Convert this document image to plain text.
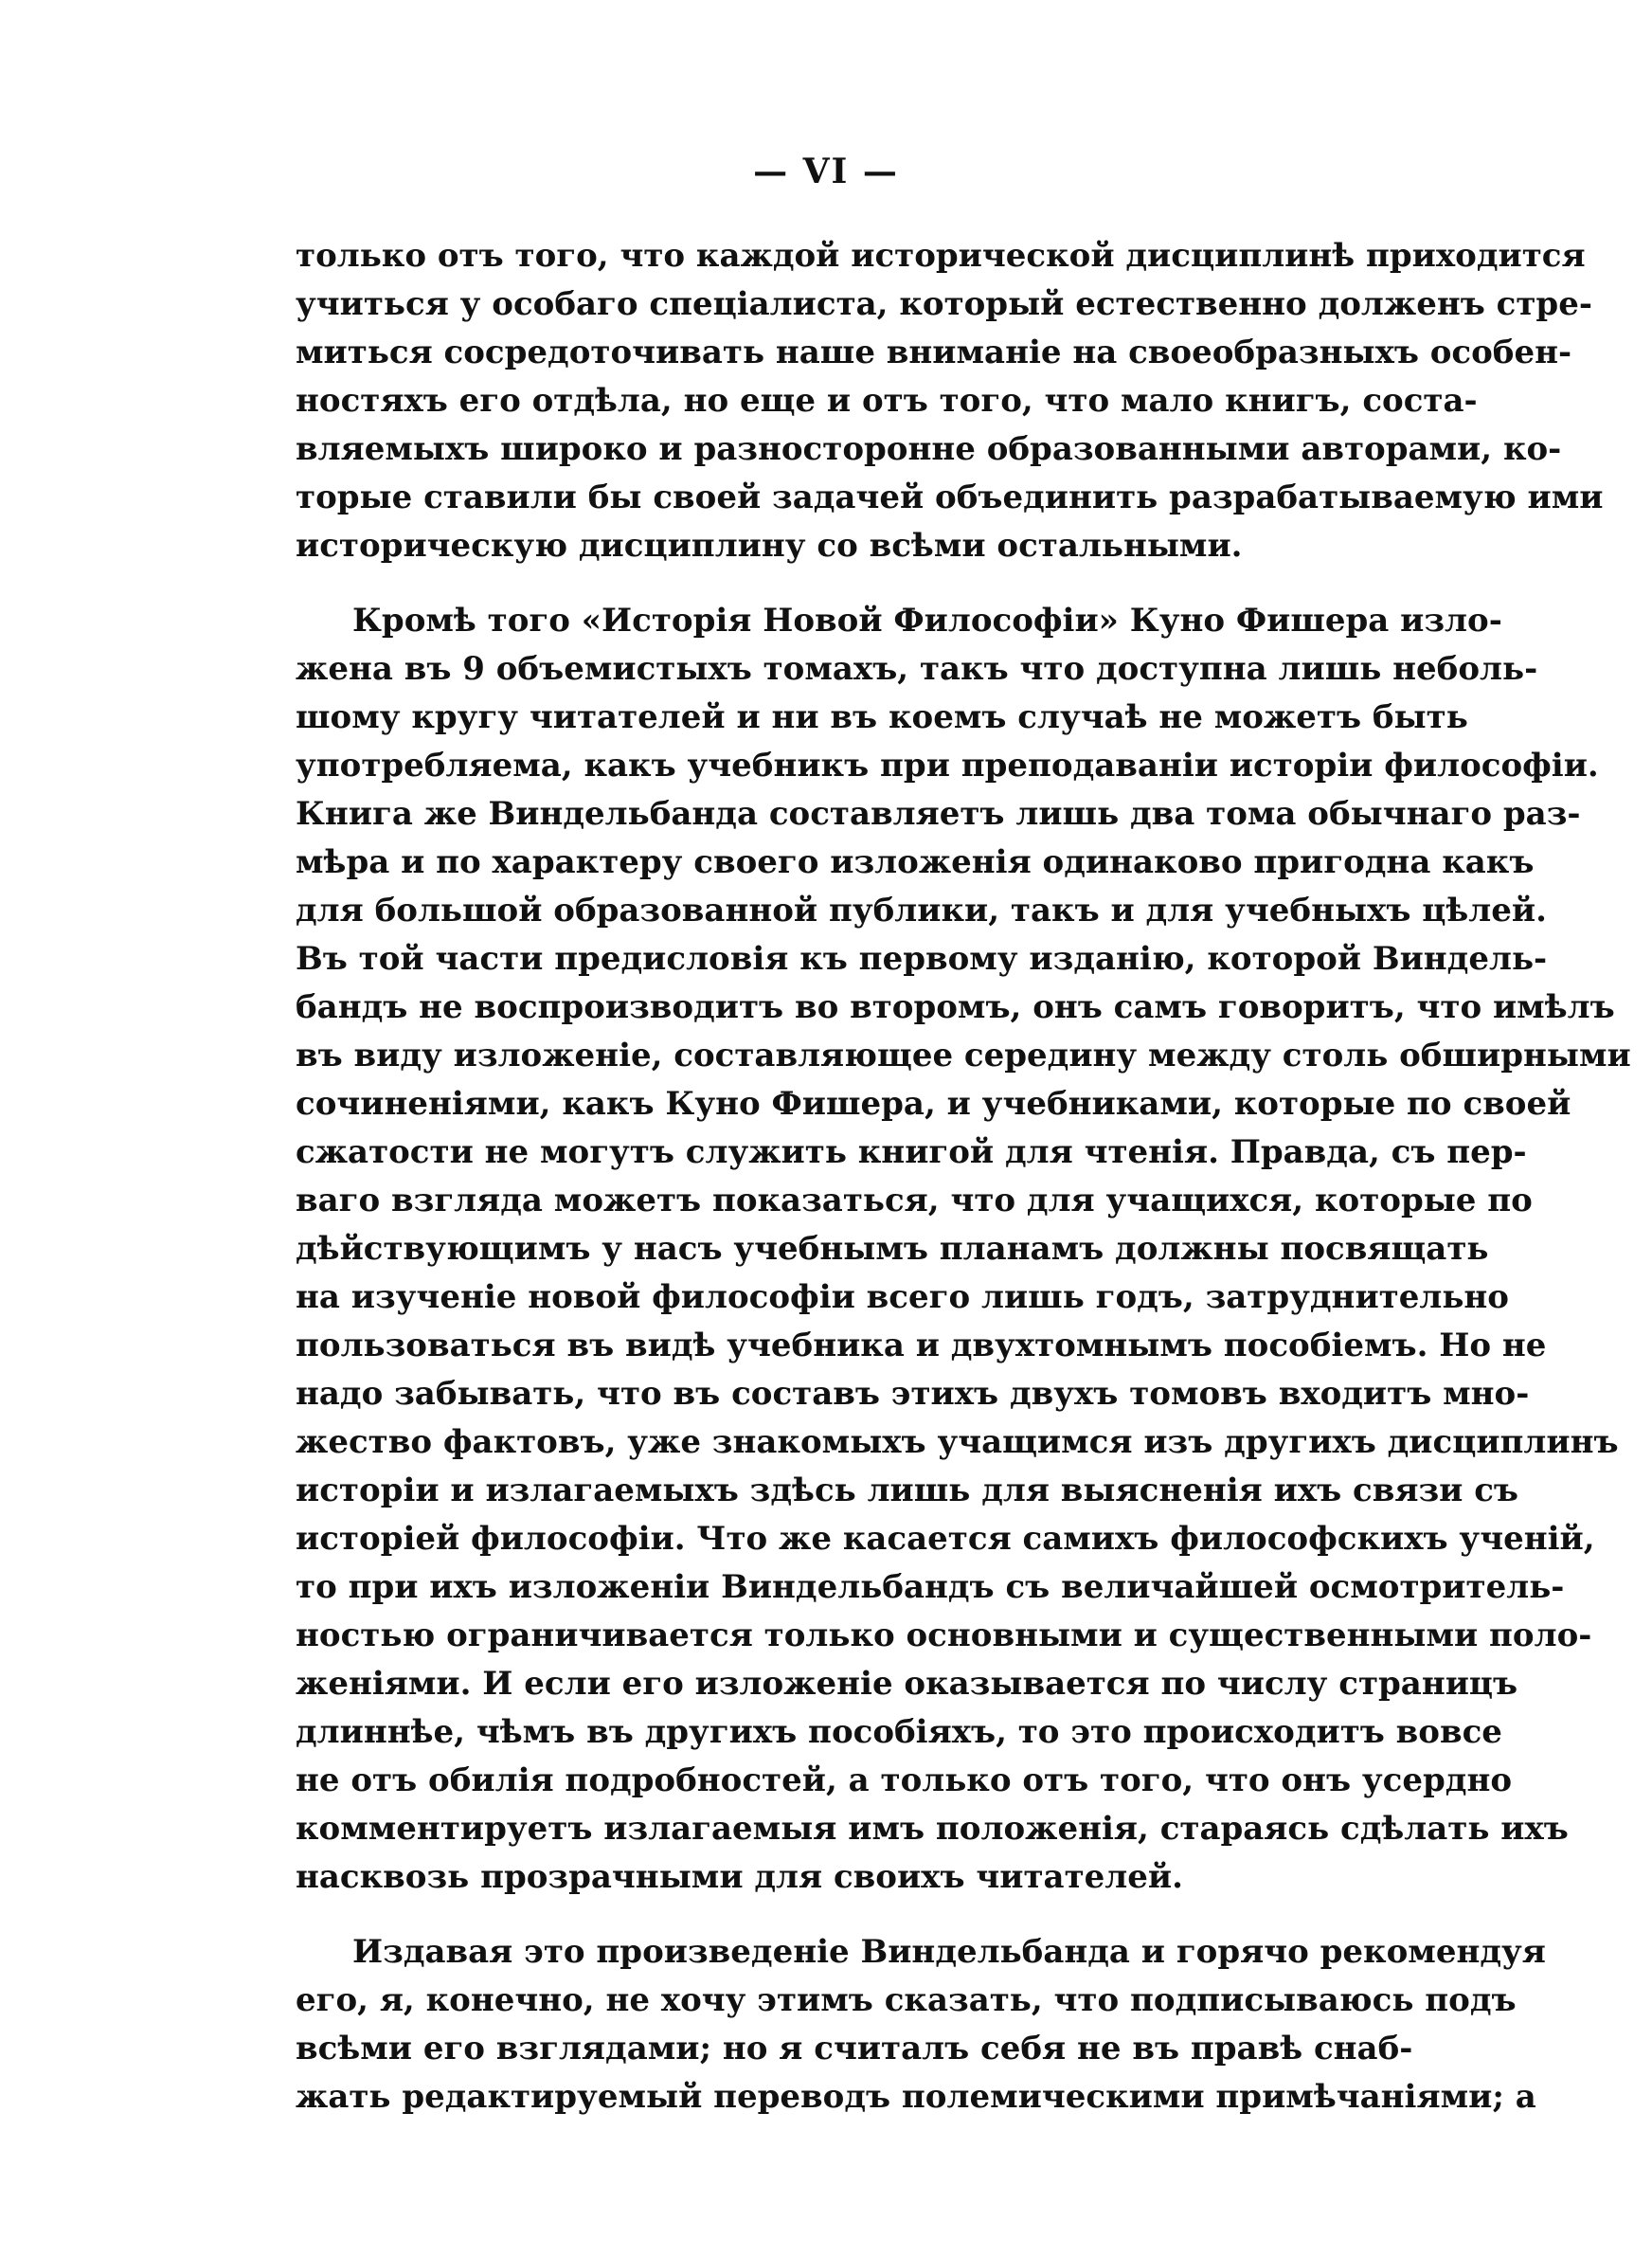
— VI —
только отъ того, что каждой исторической дисциплинѣ приходится
учиться у особаго спеціалиста, который естественно долженъ стре-
миться сосредоточивать наше вниманіе на своеобразныхъ особен-
ностяхъ его отдѣла, но еще и отъ того, что мало книгъ, соста-
вляемыхъ широко и разносторонне образованными авторами, ко-
торые ставили бы своей задачей объединить разрабатываемую ими
историческую дисциплину со всѣми остальными.
Кромѣ того «Исторія Новой Философіи» Куно Фишера изло-
жена въ 9 объемистыхъ томахъ, такъ что доступна лишь неболь-
шому кругу читателей и ни въ коемъ случаѣ не можетъ быть
употребляема, какъ учебникъ при преподаваніи исторіи философіи.
Книга же Виндельбанда составляетъ лишь два тома обычнаго раз-
мѣра и по характеру своего изложенія одинаково пригодна какъ
для большой образованной публики, такъ и для учебныхъ цѣлей.
Въ той части предисловія къ первому изданію, которой Виндель-
бандъ не воспроизводитъ во второмъ, онъ самъ говоритъ, что имѣлъ
въ виду изложеніе, составляющее середину между столь обширными
сочиненіями, какъ Куно Фишера, и учебниками, которые по своей
сжатости не могутъ служить книгой для чтенія. Правда, съ пер-
ваго взгляда можетъ показаться, что для учащихся, которые по
дѣйствующимъ у насъ учебнымъ планамъ должны посвящать
на изученіе новой философіи всего лишь годъ, затруднительно
пользоваться въ видѣ учебника и двухтомнымъ пособіемъ. Но не
надо забывать, что въ составъ этихъ двухъ томовъ входитъ мно-
жество фактовъ, уже знакомыхъ учащимся изъ другихъ дисциплинъ
исторіи и излагаемыхъ здѣсь лишь для выясненія ихъ связи съ
исторіей философіи. Что же касается самихъ философскихъ ученій,
то при ихъ изложеніи Виндельбандъ съ величайшей осмотритель-
ностью ограничивается только основными и существенными поло-
женіями. И если его изложеніе оказывается по числу страницъ
длиннѣе, чѣмъ въ другихъ пособіяхъ, то это происходитъ вовсе
не отъ обилія подробностей, а только отъ того, что онъ усердно
комментируетъ излагаемыя имъ положенія, стараясь сдѣлать ихъ
насквозь прозрачными для своихъ читателей.
Издавая это произведеніе Виндельбанда и горячо рекомендуя
его, я, конечно, не хочу этимъ сказать, что подписываюсь подъ
всѣми его взглядами; но я считалъ себя не въ правѣ снаб-
жать редактируемый переводъ полемическими примѣчаніями; а
